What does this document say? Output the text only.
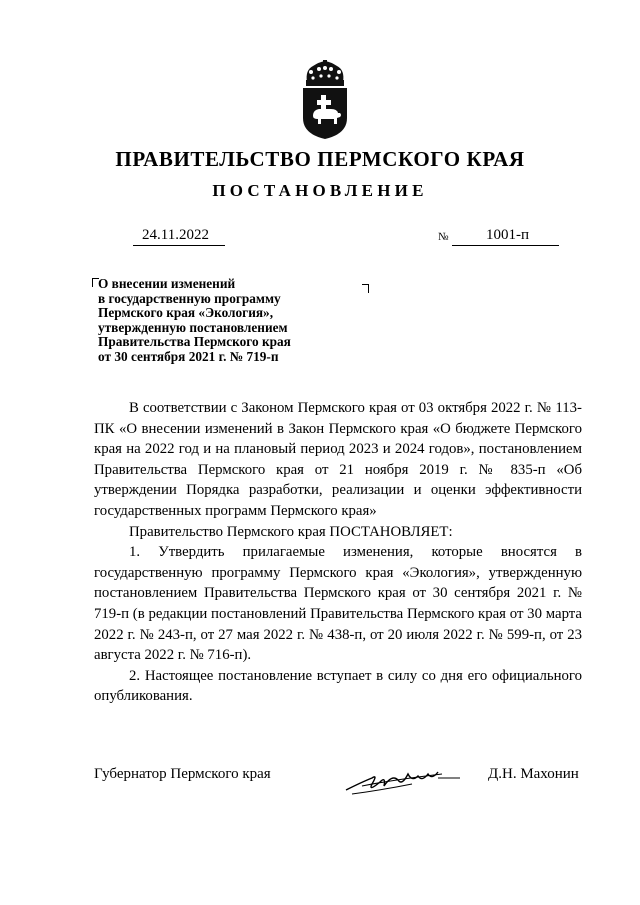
ПРАВИТЕЛЬСТВО ПЕРМСКОГО КРАЯ
ПОСТАНОВЛЕНИЕ
24.11.2022	№	1001-п
О внесении изменений
в государственную программу
Пермского края «Экология»,
утвержденную постановлением
Правительства Пермского края
от 30 сентября 2021 г. № 719-п

В соответствии с Законом Пермского края от 03 октября 2022 г. № 113-ПК «О внесении изменений в Закон Пермского края «О бюджете Пермского края на 2022 год и на плановый период 2023 и 2024 годов», постановлением Правительства Пермского края от 21 ноября 2019 г. № 835-п «Об утверждении Порядка разработки, реализации и оценки эффективности государственных программ Пермского края»

Правительство Пермского края ПОСТАНОВЛЯЕТ:

1. Утвердить прилагаемые изменения, которые вносятся в государственную программу Пермского края «Экология», утвержденную постановлением Правительства Пермского края от 30 сентября 2021 г. № 719-п (в редакции постановлений Правительства Пермского края от 30 марта 2022 г. № 243-п, от 27 мая 2022 г. № 438-п, от 20 июля 2022 г. № 599-п, от 23 августа 2022 г. № 716-п).

2. Настоящее постановление вступает в силу со дня его официального опубликования.

Губернатор Пермского края	Д.Н. Махонин
